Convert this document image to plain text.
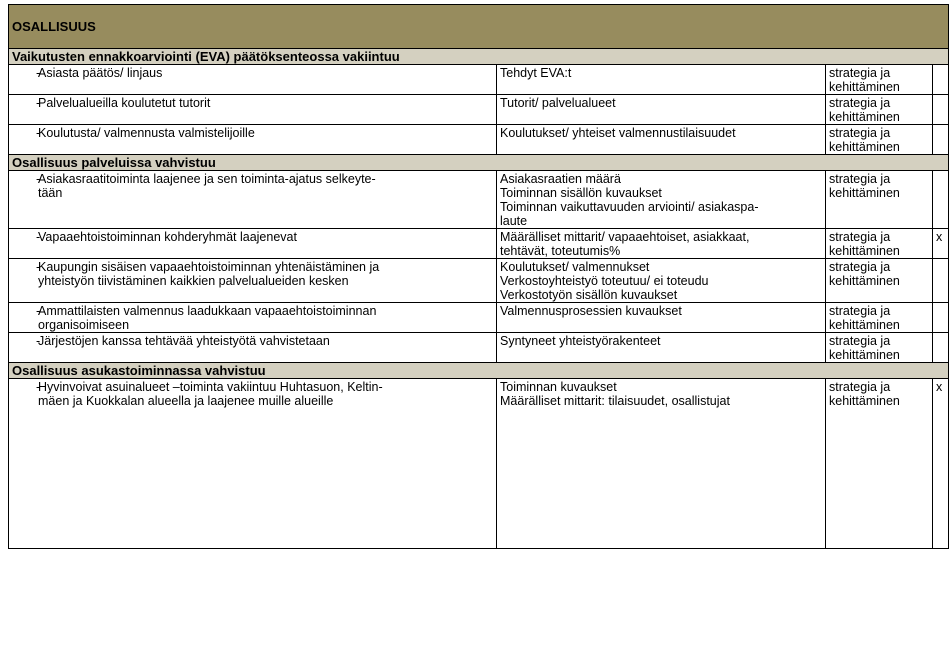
OSALLISUUS			
Vaikutusten ennakkoarviointi (EVA) päätöksenteossa vakiintuu			

-
Asiasta päätös/ linjaus	Tehdyt EVA:t	strategia ja
kehittäminen	

-
Palvelualueilla koulutetut tutorit	Tutorit/ palvelualueet	strategia ja
kehittäminen	

-
Koulutusta/ valmennusta valmistelijoille	Koulutukset/ yhteiset valmennustilaisuudet	strategia ja
kehittäminen	

Osallisuus palveluissa vahvistuu			

-
Asiakasraatitoiminta laajenee ja sen toiminta-ajatus selkeyte-
tään	Asiakasraatien määrä
Toiminnan sisällön kuvaukset
Toiminnan vaikuttavuuden arviointi/ asiakaspa-
laute	strategia ja
kehittäminen	

-
Vapaaehtoistoiminnan kohderyhmät laajenevat	Määrälliset mittarit/ vapaaehtoiset, asiakkaat,
tehtävät, toteutumis%	strategia ja
kehittäminen	x

-
Kaupungin sisäisen vapaaehtoistoiminnan yhtenäistäminen ja
yhteistyön tiivistäminen kaikkien palvelualueiden kesken	Koulutukset/ valmennukset
Verkostoyhteistyö toteutuu/ ei toteudu
Verkostotyön sisällön kuvaukset	strategia ja
kehittäminen	

-
Ammattilaisten valmennus laadukkaan vapaaehtoistoiminnan
organisoimiseen	Valmennusprosessien kuvaukset	strategia ja
kehittäminen	

-
Järjestöjen kanssa tehtävää yhteistyötä vahvistetaan	Syntyneet yhteistyörakenteet	strategia ja
kehittäminen	

Osallisuus asukastoiminnassa vahvistuu			

-
Hyvinvoivat asuinalueet –toiminta vakiintuu Huhtasuon, Keltin-
mäen ja Kuokkalan alueella ja laajenee muille alueille	Toiminnan kuvaukset
Määrälliset mittarit: tilaisuudet, osallistujat	strategia ja
kehittäminen	x
